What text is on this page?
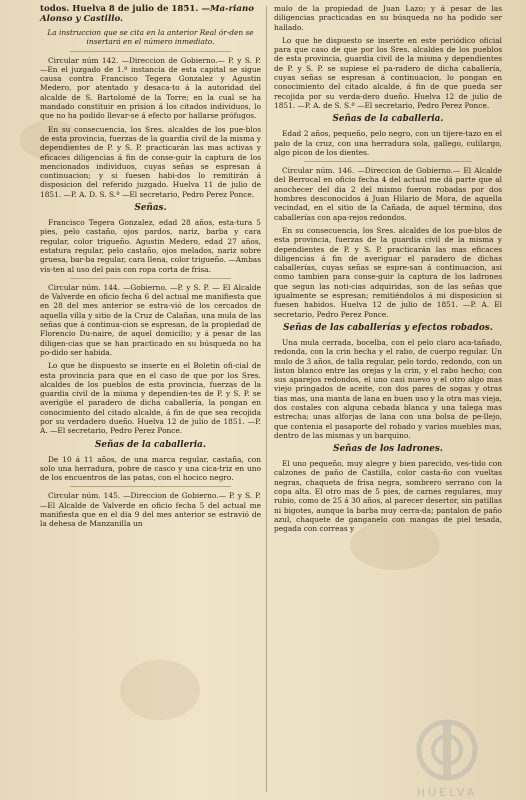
todos. Huelva 8 de julio de 1851. —Ma-riano Alonso y Castillo.

La instruccion que se cita en la anterior Real ór-den se insertará en el número inmediato.

Circular núm 142. —Direccion de Gobierno.— P. y S. P. —En el juzgado de 1.ª instancia de esta capital se sigue causa contra Francisco Tegera Gonzalez y Agustin Medero, por atentado y desaca-to á la autoridad del alcalde de S. Bartolomé de la Torre; en la cual se ha mandado constituir en prision á los citados individuos, lo que no ha podido llevar-se á efecto por hallarse prófugos.

En su consecuencia, los Sres. alcaldes de los pue-blos de esta provincia, fuerzas de la guardia civil de la misma y dependientes de P. y S. P. practicarán las mas activas y eficaces diligencias á fin de conse-guir la captura de los mencionados individuos, cuyas señas se espresan á continuacion; y si fuesen habi-dos lo remitirán á disposicion del referido juzgado. Huelva 11 de julio de 1851. —P. A. D. S. S.ª —El secretario, Pedro Perez Ponce.

Señas.

Francisco Tegera Gonzalez, edad 28 años, esta-tura 5 pies, pelo castaño, ojos pardos, nariz, barba y cara regular, color trigueño. Agustin Medero, edad 27 años, estatura regular, pelo castaño, ojos melados, nariz sobre gruesa, bar-ba regular, cara llena, color trigueño. —Ambas vis-ten al uso del pais con ropa corta de frisa.

Circular núm. 144. —Gobierno. —P. y S. P. — El Alcalde de Valverde en oficio fecha 6 del actual me manifiesta que en 28 del mes anterior se estra-vió de los cercados de aquella villa y sitio de la Cruz de Calañas, una mula de las señas que á continua-cion se espresan, de la propiedad de Florencio Du-naire, de aquel domicilio; y á pesar de las diligen-cias que se han practicado en su búsqueda no ha po-dido ser habida.

Lo que he dispuesto se inserte en el Boletin ofi-cial de esta provincia para que en el caso de que por los Sres. alcaldes de los pueblos de esta provincia, fuerzas de la guardia civil de la misma y dependien-tes de P. y S. P. se averigüe el paradero de dicha caballería, la pongan en conocimiento del citado alcalde, á fin de que sea recojida por su verdadero dueño. Huelva 12 de julio de 1851. —P. A. —El secretario, Pedro Perez Ponce.

Señas de la caballeria.

De 10 á 11 años, de una marca regular, castaña, con solo una herradura, pobre de casco y una cica-triz en uno de los encuentros de las patas, con el hocico negro.

Circular núm. 145. —Direccion de Gobierno.— P. y S. P. —El Alcalde de Valverde en oficio fecha 5 del actual me manifiesta que en el dia 9 del mes anterior se estravió de la dehesa de Manzanilla un

mulo de la propiedad de Juan Lazo; y á pesar de las diligencias practicadas en su búsqueda no ha podido ser hallado.

Lo que he dispuesto se inserte en este periódico oficial para que caso de que por los Sres. alcaldes de los pueblos de esta provincia, guardia civil de la misma y dependientes de P. y S. P. se supiese el pa-radero de dicha caballería, cuyas señas se espresan á continuacion, lo pongan en conocimiento del citado alcalde, á fin de que pueda ser recojida por su verda-dero dueño. Huelva 12 de julio de 1851. —P. A. de S. S.ª —El secretario, Pedro Perez Ponce.

Señas de la caballeria.

Edad 2 años, pequeño, pelo negro, con un tijere-tazo en el palo de la cruz, con una herradura sola, gallego, culilargo, algo picon de los dientes.

Circular núm. 146. —Direccion de Gobierno.— El Alcalde del Berrocal en oficio fecha 4 del actual me dá parte que al anochecer del dia 2 del mismo fueron robadas por dos hombres desconocidos á Juan Hilario de Mora, de aquella vecindad, en el sitio de la Cañada, de aquel término, dos caballerías con apa-rejos redondos.

En su consecuencia, los Sres. alcaldes de los pue-blos de esta provincia, fuerzas de la guardia civil de la misma y dependientes de P. y S. P. practicarán las mas eficaces diligencias á fin de averiguar el paradero de dichas caballerías, cuyas señas se espre-san á continuacion, asi como tambien para conse-guir la captura de los ladrones que segun las noti-cias adquiridas, son de las señas que igualmente se espresan; remitiéndolos á mi disposicion si fuesen habidos. Huelva 12 de julio de 1851. —P. A. El secretario, Pedro Perez Ponce.

Señas de las caballerías y efectos robados.

Una mula cerrada, bocelba, con el pelo claro aca-tañado, redonda, con la crin hecha y el rabo, de cuerpo regular. Un mulo de 3 años, de talla regular, pelo tordo, redondo, con un liston blanco entre las orejas y la crin, y el rabo hecho; con sus aparejos redondos, el uno casi nuevo y el otro algo mas viejo pringados de aceite, con dos pares de sogas y otras tias mas, una manta de lana en buen uso y la otra mas vieja, dos costales con alguna cebada blanca y una talega mas estrecha; unas alforjas de lana con una bolsa de pe-llejo, que contenia el pasaporte del robado y varios muebles mas, dentro de las mismas y un barquino.

Señas de los ladrones.

El uno pequeño, muy alegre y bien parecido, ves-tido con calzones de paño de Castilla, color casta-ño con vueltas negras, chaqueta de frisa negra, sombrero serrano con la copa alta. El otro mas de 5 pies, de carnes regulares, muy rubio, como de 25 á 30 años, al parecer desertor, sin patillas ni bigotes, aunque la barba muy cerra-da; pantalon de paño azul, chaquete de ganganelo con mangas de piel tesada, pegada con correas y

HUELVA
